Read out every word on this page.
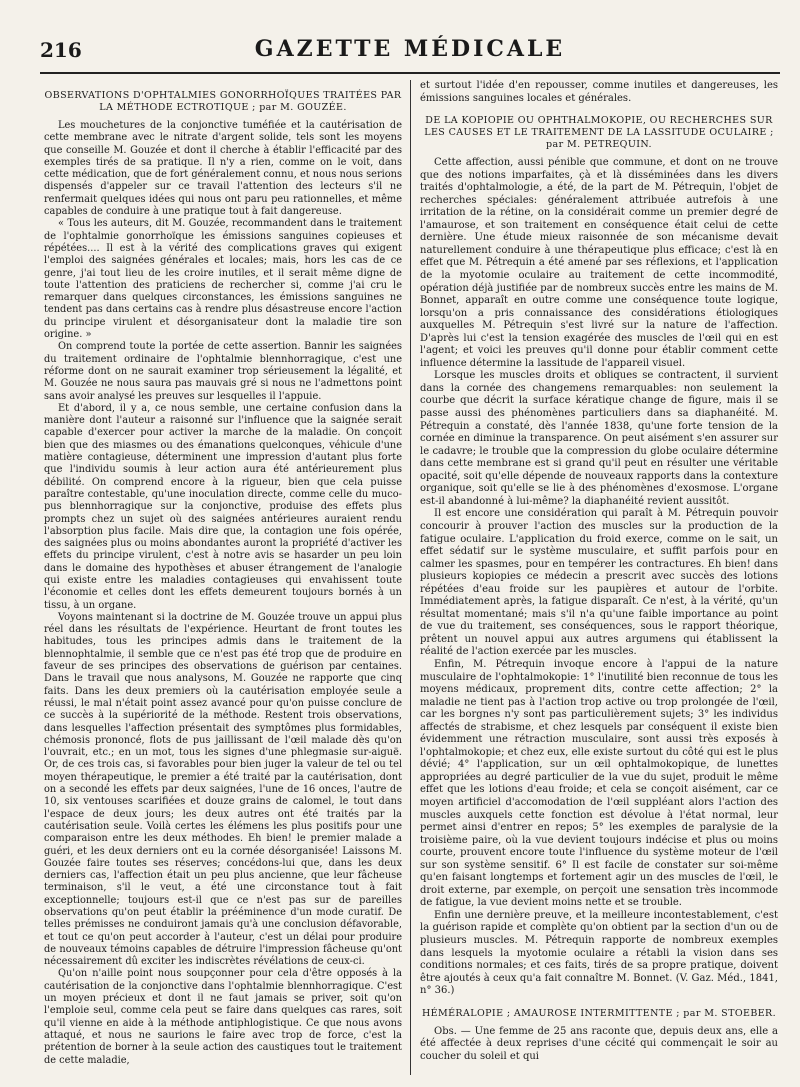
216	GAZETTE MÉDICALE
OBSERVATIONS D'OPHTALMIES GONORRHOÏQUES TRAITÉES PAR LA MÉTHODE ECTROTIQUE ; par M. GOUZÉE.

Les mouchetures de la conjonctive tuméfiée et la cautérisation de cette membrane avec le nitrate d'argent solide, tels sont les moyens que conseille M. Gouzée et dont il cherche à établir l'efficacité par des exemples tirés de sa pratique. Il n'y a rien, comme on le voit, dans cette médication, que de fort généralement connu, et nous nous serions dispensés d'appeler sur ce travail l'attention des lecteurs s'il ne renfermait quelques idées qui nous ont paru peu rationnelles, et même capables de conduire à une pratique tout à fait dangereuse.

« Tous les auteurs, dit M. Gouzée, recommandent dans le traitement de l'ophtalmie gonorrhoïque les émissions sanguines copieuses et répétées.... Il est à la vérité des complications graves qui exigent l'emploi des saignées générales et locales; mais, hors les cas de ce genre, j'ai tout lieu de les croire inutiles, et il serait même digne de toute l'attention des praticiens de rechercher si, comme j'ai cru le remarquer dans quelques circonstances, les émissions sanguines ne tendent pas dans certains cas à rendre plus désastreuse encore l'action du principe virulent et désorganisateur dont la maladie tire son origine. »

On comprend toute la portée de cette assertion. Bannir les saignées du traitement ordinaire de l'ophtalmie blennhorragique, c'est une réforme dont on ne saurait examiner trop sérieusement la légalité, et M. Gouzée ne nous saura pas mauvais gré si nous ne l'admettons point sans avoir analysé les preuves sur lesquelles il l'appuie.

Et d'abord, il y a, ce nous semble, une certaine confusion dans la manière dont l'auteur a raisonné sur l'influence que la saignée serait capable d'exercer pour activer la marche de la maladie. On conçoit bien que des miasmes ou des émanations quelconques, véhicule d'une matière contagieuse, déterminent une impression d'autant plus forte que l'individu soumis à leur action aura été antérieurement plus débilité. On comprend encore à la rigueur, bien que cela puisse paraître contestable, qu'une inoculation directe, comme celle du muco-pus blennhorragique sur la conjonctive, produise des effets plus prompts chez un sujet où des saignées antérieures auraient rendu l'absorption plus facile. Mais dire que, la contagion une fois opérée, des saignées plus ou moins abondantes auront la propriété d'activer les effets du principe virulent, c'est à notre avis se hasarder un peu loin dans le domaine des hypothèses et abuser étrangement de l'analogie qui existe entre les maladies contagieuses qui envahissent toute l'économie et celles dont les effets demeurent toujours bornés à un tissu, à un organe.

Voyons maintenant si la doctrine de M. Gouzée trouve un appui plus réel dans les résultats de l'expérience. Heurtant de front toutes les habitudes, tous les principes admis dans le traitement de la blennophtalmie, il semble que ce n'est pas été trop que de produire en faveur de ses principes des observations de guérison par centaines. Dans le travail que nous analysons, M. Gouzée ne rapporte que cinq faits. Dans les deux premiers où la cautérisation employée seule a réussi, le mal n'était point assez avancé pour qu'on puisse conclure de ce succès à la supériorité de la méthode. Restent trois observations, dans lesquelles l'affection présentait des symptômes plus formidables, chémosis prononcé, flots de pus jaillissant de l'œil malade dès qu'on l'ouvrait, etc.; en un mot, tous les signes d'une phlegmasie sur-aiguë. Or, de ces trois cas, si favorables pour bien juger la valeur de tel ou tel moyen thérapeutique, le premier a été traité par la cautérisation, dont on a secondé les effets par deux saignées, l'une de 16 onces, l'autre de 10, six ventouses scarifiées et douze grains de calomel, le tout dans l'espace de deux jours; les deux autres ont été traités par la cautérisation seule. Voilà certes les élémens les plus positifs pour une comparaison entre les deux méthodes. Eh bien! le premier malade a guéri, et les deux derniers ont eu la cornée désorganisée! Laissons M. Gouzée faire toutes ses réserves; concédons-lui que, dans les deux derniers cas, l'affection était un peu plus ancienne, que leur fâcheuse terminaison, s'il le veut, a été une circonstance tout à fait exceptionnelle; toujours est-il que ce n'est pas sur de pareilles observations qu'on peut établir la prééminence d'un mode curatif. De telles prémisses ne conduiront jamais qu'à une conclusion défavorable, et tout ce qu'on peut accorder à l'auteur, c'est un délai pour produire de nouveaux témoins capables de détruire l'impression fâcheuse qu'ont nécessairement dû exciter les indiscrètes révélations de ceux-ci.

Qu'on n'aille point nous soupçonner pour cela d'être opposés à la cautérisation de la conjonctive dans l'ophtalmie blennhorragique. C'est un moyen précieux et dont il ne faut jamais se priver, soit qu'on l'emploie seul, comme cela peut se faire dans quelques cas rares, soit qu'il vienne en aide à la méthode antiphlogistique. Ce que nous avons attaqué, et nous ne saurions le faire avec trop de force, c'est la prétention de borner à la seule action des caustiques tout le traitement de cette maladie,

et surtout l'idée d'en repousser, comme inutiles et dangereuses, les émissions sanguines locales et générales.

DE LA KOPIOPIE OU OPHTHALMOKOPIE, OU RECHERCHES SUR LES CAUSES ET LE TRAITEMENT DE LA LASSITUDE OCULAIRE ; par M. PETREQUIN.

Cette affection, aussi pénible que commune, et dont on ne trouve que des notions imparfaites, çà et là disséminées dans les divers traités d'ophtalmologie, a été, de la part de M. Pétrequin, l'objet de recherches spéciales: généralement attribuée autrefois à une irritation de la rétine, on la considérait comme un premier degré de l'amaurose, et son traitement en conséquence était celui de cette dernière. Une étude mieux raisonnée de son mécanisme devait naturellement conduire à une thérapeutique plus efficace; c'est là en effet que M. Pétrequin a été amené par ses réflexions, et l'application de la myotomie oculaire au traitement de cette incommodité, opération déjà justifiée par de nombreux succès entre les mains de M. Bonnet, apparaît en outre comme une conséquence toute logique, lorsqu'on a pris connaissance des considérations étiologiques auxquelles M. Pétrequin s'est livré sur la nature de l'affection. D'après lui c'est la tension exagérée des muscles de l'œil qui en est l'agent; et voici les preuves qu'il donne pour établir comment cette influence détermine la lassitude de l'appareil visuel.

Lorsque les muscles droits et obliques se contractent, il survient dans la cornée des changemens remarquables: non seulement la courbe que décrit la surface kératique change de figure, mais il se passe aussi des phénomènes particuliers dans sa diaphanéité. M. Pétrequin a constaté, dès l'année 1838, qu'une forte tension de la cornée en diminue la transparence. On peut aisément s'en assurer sur le cadavre; le trouble que la compression du globe oculaire détermine dans cette membrane est si grand qu'il peut en résulter une véritable opacité, soit qu'elle dépende de nouveaux rapports dans la contexture organique, soit qu'elle se lie à des phénomènes d'exosmose. L'organe est-il abandonné à lui-même? la diaphanéité revient aussitôt.

Il est encore une considération qui paraît à M. Pétrequin pouvoir concourir à prouver l'action des muscles sur la production de la fatigue oculaire. L'application du froid exerce, comme on le sait, un effet sédatif sur le système musculaire, et suffit parfois pour en calmer les spasmes, pour en tempérer les contractures. Eh bien! dans plusieurs kopiopies ce médecin a prescrit avec succès des lotions répétées d'eau froide sur les paupières et autour de l'orbite. Immédiatement après, la fatigue disparaît. Ce n'est, à la vérité, qu'un résultat momentané; mais s'il n'a qu'une faible importance au point de vue du traitement, ses conséquences, sous le rapport théorique, prêtent un nouvel appui aux autres argumens qui établissent la réalité de l'action exercée par les muscles.

Enfin, M. Pétrequin invoque encore à l'appui de la nature musculaire de l'ophtalmokopie: 1° l'inutilité bien reconnue de tous les moyens médicaux, proprement dits, contre cette affection; 2° la maladie ne tient pas à l'action trop active ou trop prolongée de l'œil, car les borgnes n'y sont pas particulièrement sujets; 3° les individus affectés de strabisme, et chez lesquels par conséquent il existe bien évidemment une rétraction musculaire, sont aussi très exposés à l'ophtalmokopie; et chez eux, elle existe surtout du côté qui est le plus dévié; 4° l'application, sur un œil ophtalmokopique, de lunettes appropriées au degré particulier de la vue du sujet, produit le même effet que les lotions d'eau froide; et cela se conçoit aisément, car ce moyen artificiel d'accomodation de l'œil suppléant alors l'action des muscles auxquels cette fonction est dévolue à l'état normal, leur permet ainsi d'entrer en repos; 5° les exemples de paralysie de la troisième paire, où la vue devient toujours indécise et plus ou moins courte, prouvent encore toute l'influence du système moteur de l'œil sur son système sensitif. 6° Il est facile de constater sur soi-même qu'en faisant longtemps et fortement agir un des muscles de l'œil, le droit externe, par exemple, on perçoit une sensation très incommode de fatigue, la vue devient moins nette et se trouble.

Enfin une dernière preuve, et la meilleure incontestablement, c'est la guérison rapide et complète qu'on obtient par la section d'un ou de plusieurs muscles. M. Pétrequin rapporte de nombreux exemples dans lesquels la myotomie oculaire a rétabli la vision dans ses conditions normales; et ces faits, tirés de sa propre pratique, doivent être ajoutés à ceux qu'a fait connaître M. Bonnet. (V. Gaz. Méd., 1841, n° 36.)

HÉMÉRALOPIE ; AMAUROSE INTERMITTENTE ; par M. STOEBER.

Obs. — Une femme de 25 ans raconte que, depuis deux ans, elle a été affectée à deux reprises d'une cécité qui commençait le soir au coucher du soleil et qui
